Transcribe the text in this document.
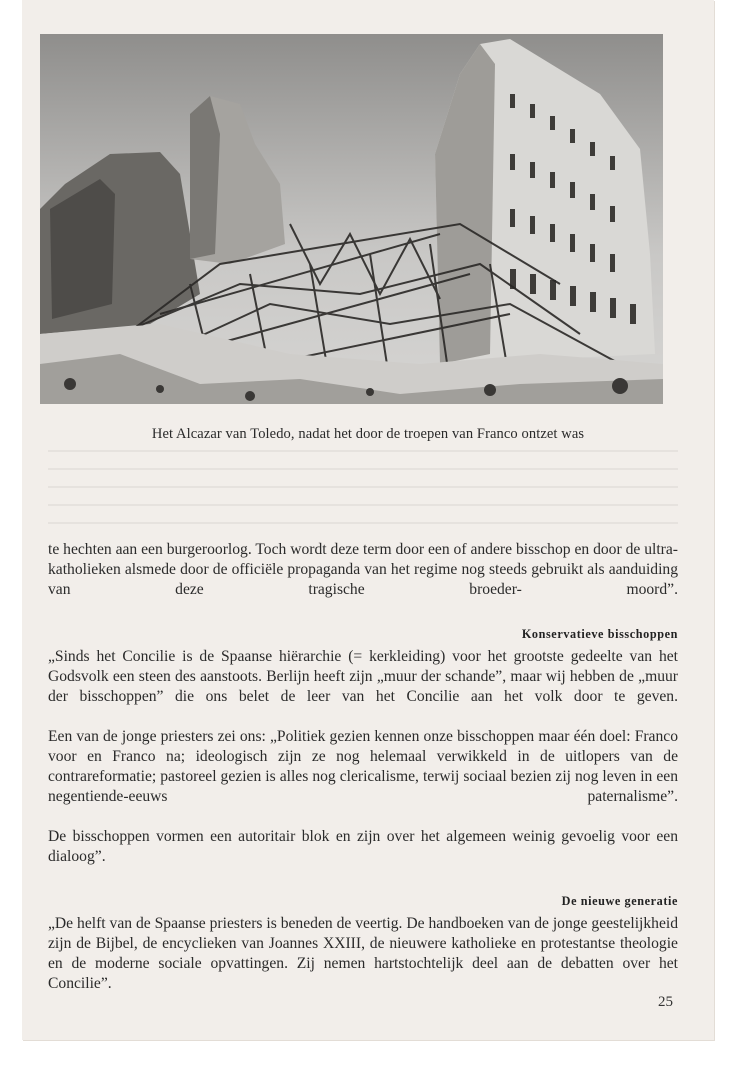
Het Alcazar van Toledo, nadat het door de troepen van Franco ontzet was

te hechten aan een burgeroorlog. Toch wordt deze term door een of andere bisschop en door de ultra-katholieken alsmede door de officiële propaganda van het regime nog steeds gebruikt als aanduiding van deze tragische broeder-	moord”.

Konservatieve bisschoppen

„Sinds het Concilie is de Spaanse hiërarchie (= kerkleiding) voor het grootste gedeelte van het Godsvolk een steen des aanstoots. Berlijn heeft zijn „muur der schande”, maar wij hebben de „muur der bisschoppen” die ons belet de leer van het Concilie aan het volk door te geven.

Een van de jonge priesters zei ons: „Politiek gezien kennen onze bisschoppen maar één doel: Franco voor en Franco na; ideologisch zijn ze nog helemaal verwikkeld in de uitlopers van de contrareformatie; pastoreel gezien is alles nog clericalisme, terwij sociaal bezien zij nog leven in een negentiende-eeuws	paternalisme”.

De bisschoppen vormen een autoritair blok en zijn over het algemeen weinig gevoelig voor een dialoog”.

De nieuwe generatie

„De helft van de Spaanse priesters is beneden de veertig. De handboeken van de jonge geestelijkheid zijn de Bijbel, de encyclieken van Joannes XXIII, de nieuwere katholieke en protestantse theologie en de moderne sociale opvattingen. Zij nemen hartstochtelijk deel aan de debatten over het Concilie”.

25
